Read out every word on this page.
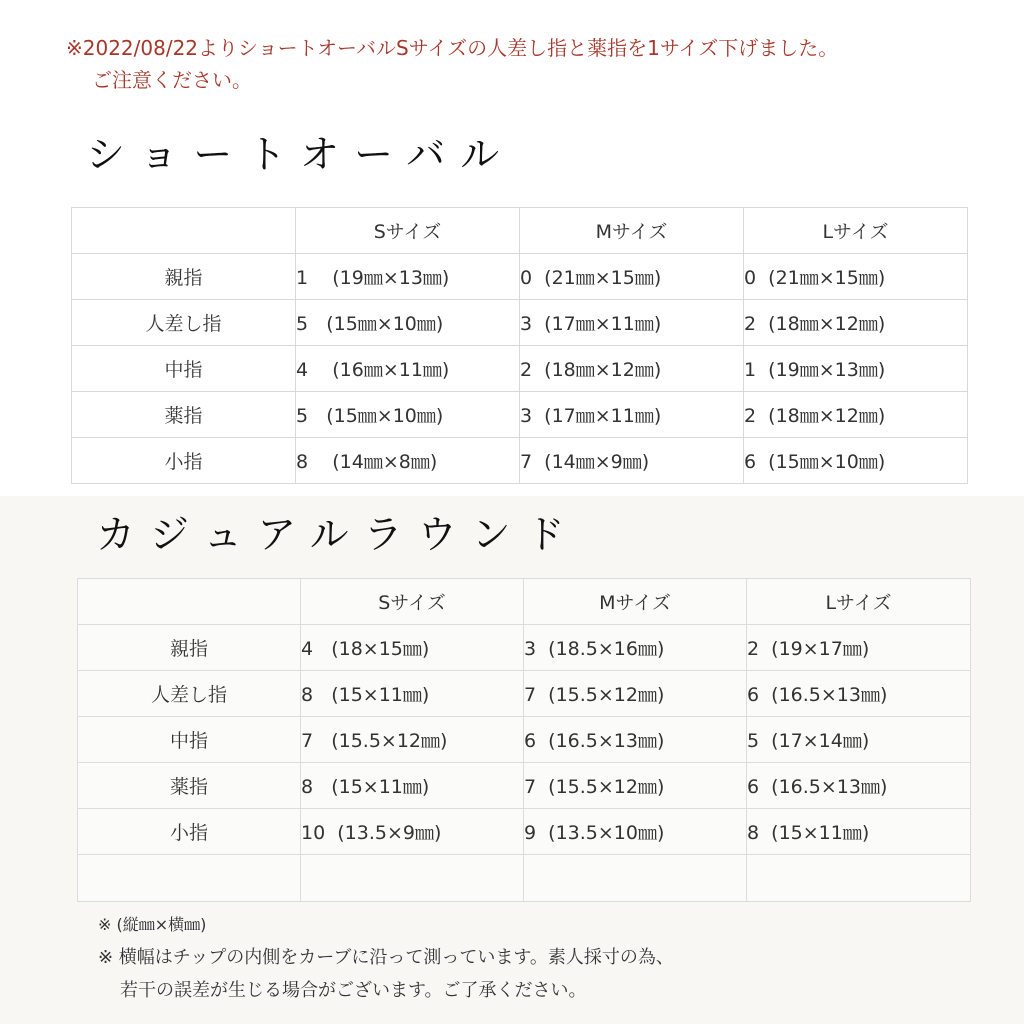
※2022/08/22よりショートオーバルSサイズの人差し指と薬指を1サイズ下げました。
ご注意ください。
ショートオーバル
	Sサイズ	Mサイズ	Lサイズ
親指	1    (19㎜×13㎜)	0  (21㎜×15㎜)	0  (21㎜×15㎜)
人差し指	5   (15㎜×10㎜)	3  (17㎜×11㎜)	2  (18㎜×12㎜)
中指	4    (16㎜×11㎜)	2  (18㎜×12㎜)	1  (19㎜×13㎜)
薬指	5   (15㎜×10㎜)	3  (17㎜×11㎜)	2  (18㎜×12㎜)
小指	8    (14㎜×8㎜)	7  (14㎜×9㎜)	6  (15㎜×10㎜)
カジュアルラウンド
	Sサイズ	Mサイズ	Lサイズ
親指	4   (18×15㎜)	3  (18.5×16㎜)	2  (19×17㎜)
人差し指	8   (15×11㎜)	7  (15.5×12㎜)	6  (16.5×13㎜)
中指	7   (15.5×12㎜)	6  (16.5×13㎜)	5  (17×14㎜)
薬指	8   (15×11㎜)	7  (15.5×12㎜)	6  (16.5×13㎜)
小指	10  (13.5×9㎜)	9  (13.5×10㎜)	8  (15×11㎜)

※ (縦㎜×横㎜)
※ 横幅はチップの内側をカーブに沿って測っています。素人採寸の為、
若干の誤差が生じる場合がございます。ご了承ください。
